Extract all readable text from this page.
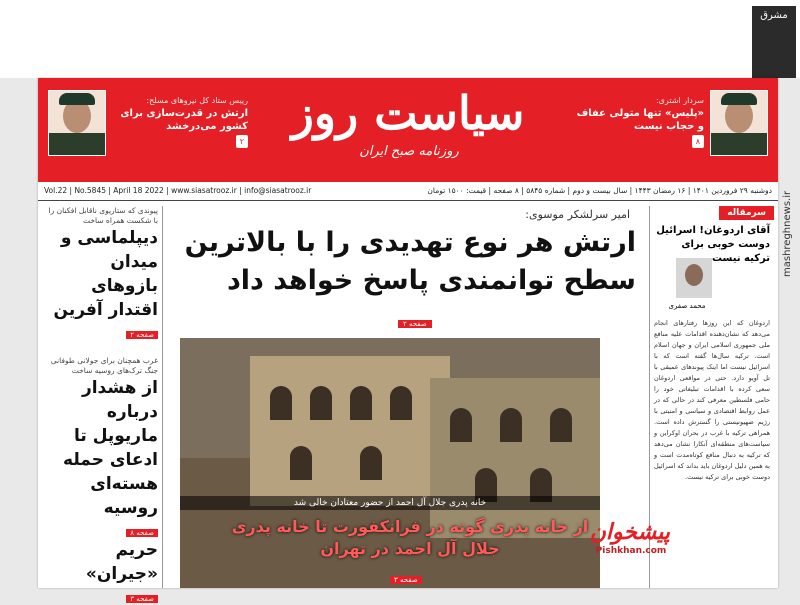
مشرق
mashreghnews.ir
سیاست روز
روزنامه صبح ایران
سردار اشتری:
«پلیس» تنها متولی عفاف و حجاب نیست
۸
رییس ستاد کل نیروهای مسلح:
ارتش در قدرت‌سازی برای کشور می‌درخشد
۲
دوشنبه ۲۹ فروردین ۱۴۰۱ | ۱۶ رمضان ۱۴۴۳ | سال بیست و دوم | شماره ۵۸۴۵ | ۸ صفحه | قیمت: ۱۵۰۰ تومان
Vol.22 | No.5845 | April 18 2022 | www.siasatrooz.ir | info@siasatrooz.ir
سرمقاله
آقای اردوغان! اسرائیل دوست خوبی برای ترکیه نیست
محمد صفری
اردوغان که این روزها رفتارهای انجام می‌دهد که نشان‌دهنده اقدامات علیه منافع ملی جمهوری اسلامی ایران و جهان اسلام است. ترکیه سال‌ها گفته است که با اسرائیل نیست اما اینک پیوندهای عمیقی با تل آویو دارد. حتی در مواقعی اردوغان سعی کرده با اقدامات تبلیغاتی خود را حامی فلسطین معرفی کند در حالی که در عمل روابط اقتصادی و سیاسی و امنیتی با رژیم صهیونیستی را گسترش داده است. همراهی ترکیه با غرب در بحران اوکراین و سیاست‌های منطقه‌ای آنکارا نشان می‌دهد که ترکیه به دنبال منافع کوتاه‌مدت است و به همین دلیل اردوغان باید بداند که اسرائیل دوست خوبی برای ترکیه نیست.
پیوندی که ستاریوی ناقابل افکنان را با شکست همراه ساخت
دیپلماسی و میدان بازوهای اقتدار آفرین
صفحه ۲
غرب همچنان برای جولانی طوفانی جنگ ترک‌های روسیه ساخت
از هشدار درباره ماریوپل تا ادعای حمله هسته‌ای روسیه
صفحه ۸
حریم «جیران»
صفحه ۳
امیر سرلشکر موسوی:
ارتش هر نوع تهدیدی را با بالاترین سطح توانمندی پاسخ خواهد داد
صفحه ۲
خانه پدری جلال آل احمد از حضور معتادان خالی شد
از خانه پدری گوته در فرانکفورت تا خانه پدری جلال آل احمد در تهران
صفحه ۳
پیشخوان
Pishkhan.com
